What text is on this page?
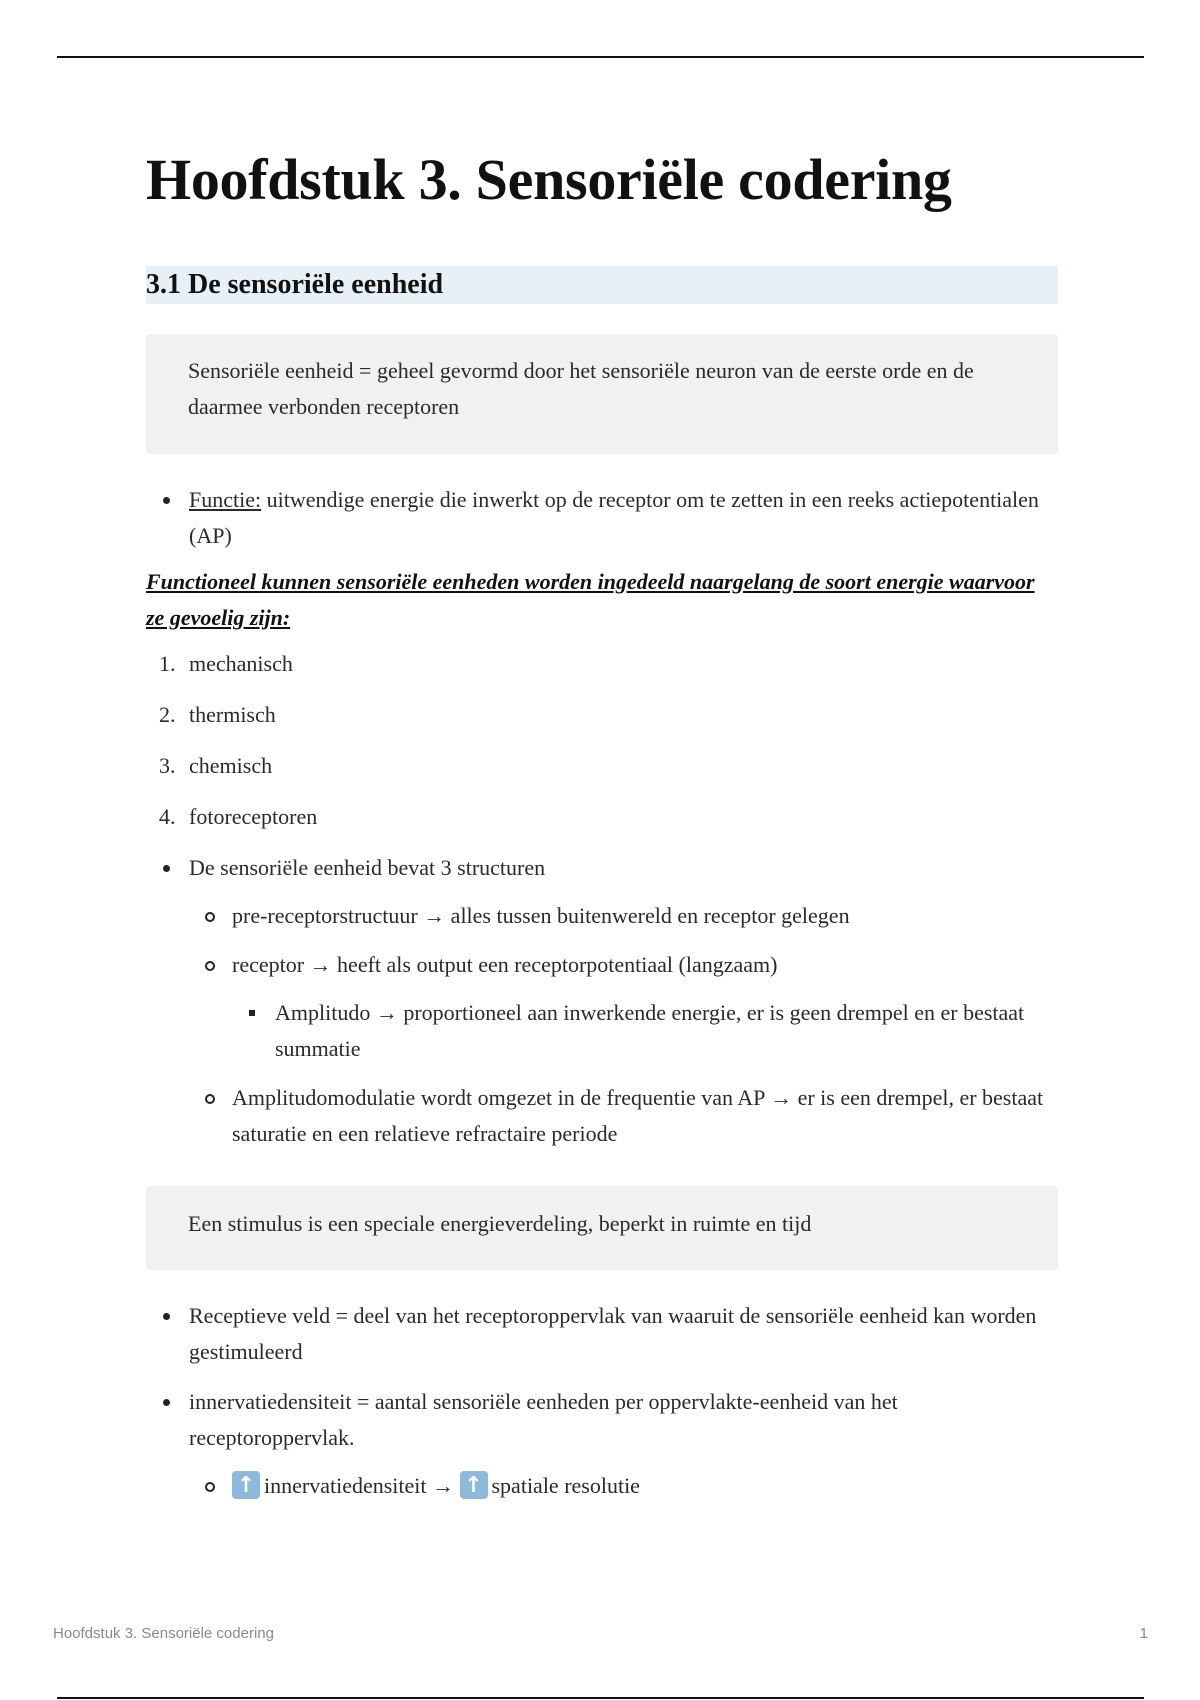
Hoofdstuk 3. Sensoriële codering
3.1 De sensoriële eenheid
Sensoriële eenheid = geheel gevormd door het sensoriële neuron van de eerste orde en de daarmee verbonden receptoren
Functie: uitwendige energie die inwerkt op de receptor om te zetten in een reeks actiepotentialen (AP)
Functioneel kunnen sensoriële eenheden worden ingedeeld naargelang de soort energie waarvoor ze gevoelig zijn:
1. mechanisch
2. thermisch
3. chemisch
4. fotoreceptoren
De sensoriële eenheid bevat 3 structuren
pre-receptorstructuur → alles tussen buitenwereld en receptor gelegen
receptor → heeft als output een receptorpotentiaal (langzaam)
Amplitudo → proportioneel aan inwerkende energie, er is geen drempel en er bestaat summatie
Amplitudomodulatie wordt omgezet in de frequentie van AP → er is een drempel, er bestaat saturatie en een relatieve refractaire periode
Een stimulus is een speciale energieverdeling, beperkt in ruimte en tijd
Receptieve veld = deel van het receptoroppervlak van waaruit de sensoriële eenheid kan worden gestimuleerd
innervatiedensiteit = aantal sensoriële eenheden per oppervlakte-eenheid van het receptoroppervlak.
↑innervatiedensiteit → ↑ spatiale resolutie
Hoofdstuk 3. Sensoriële codering	1
